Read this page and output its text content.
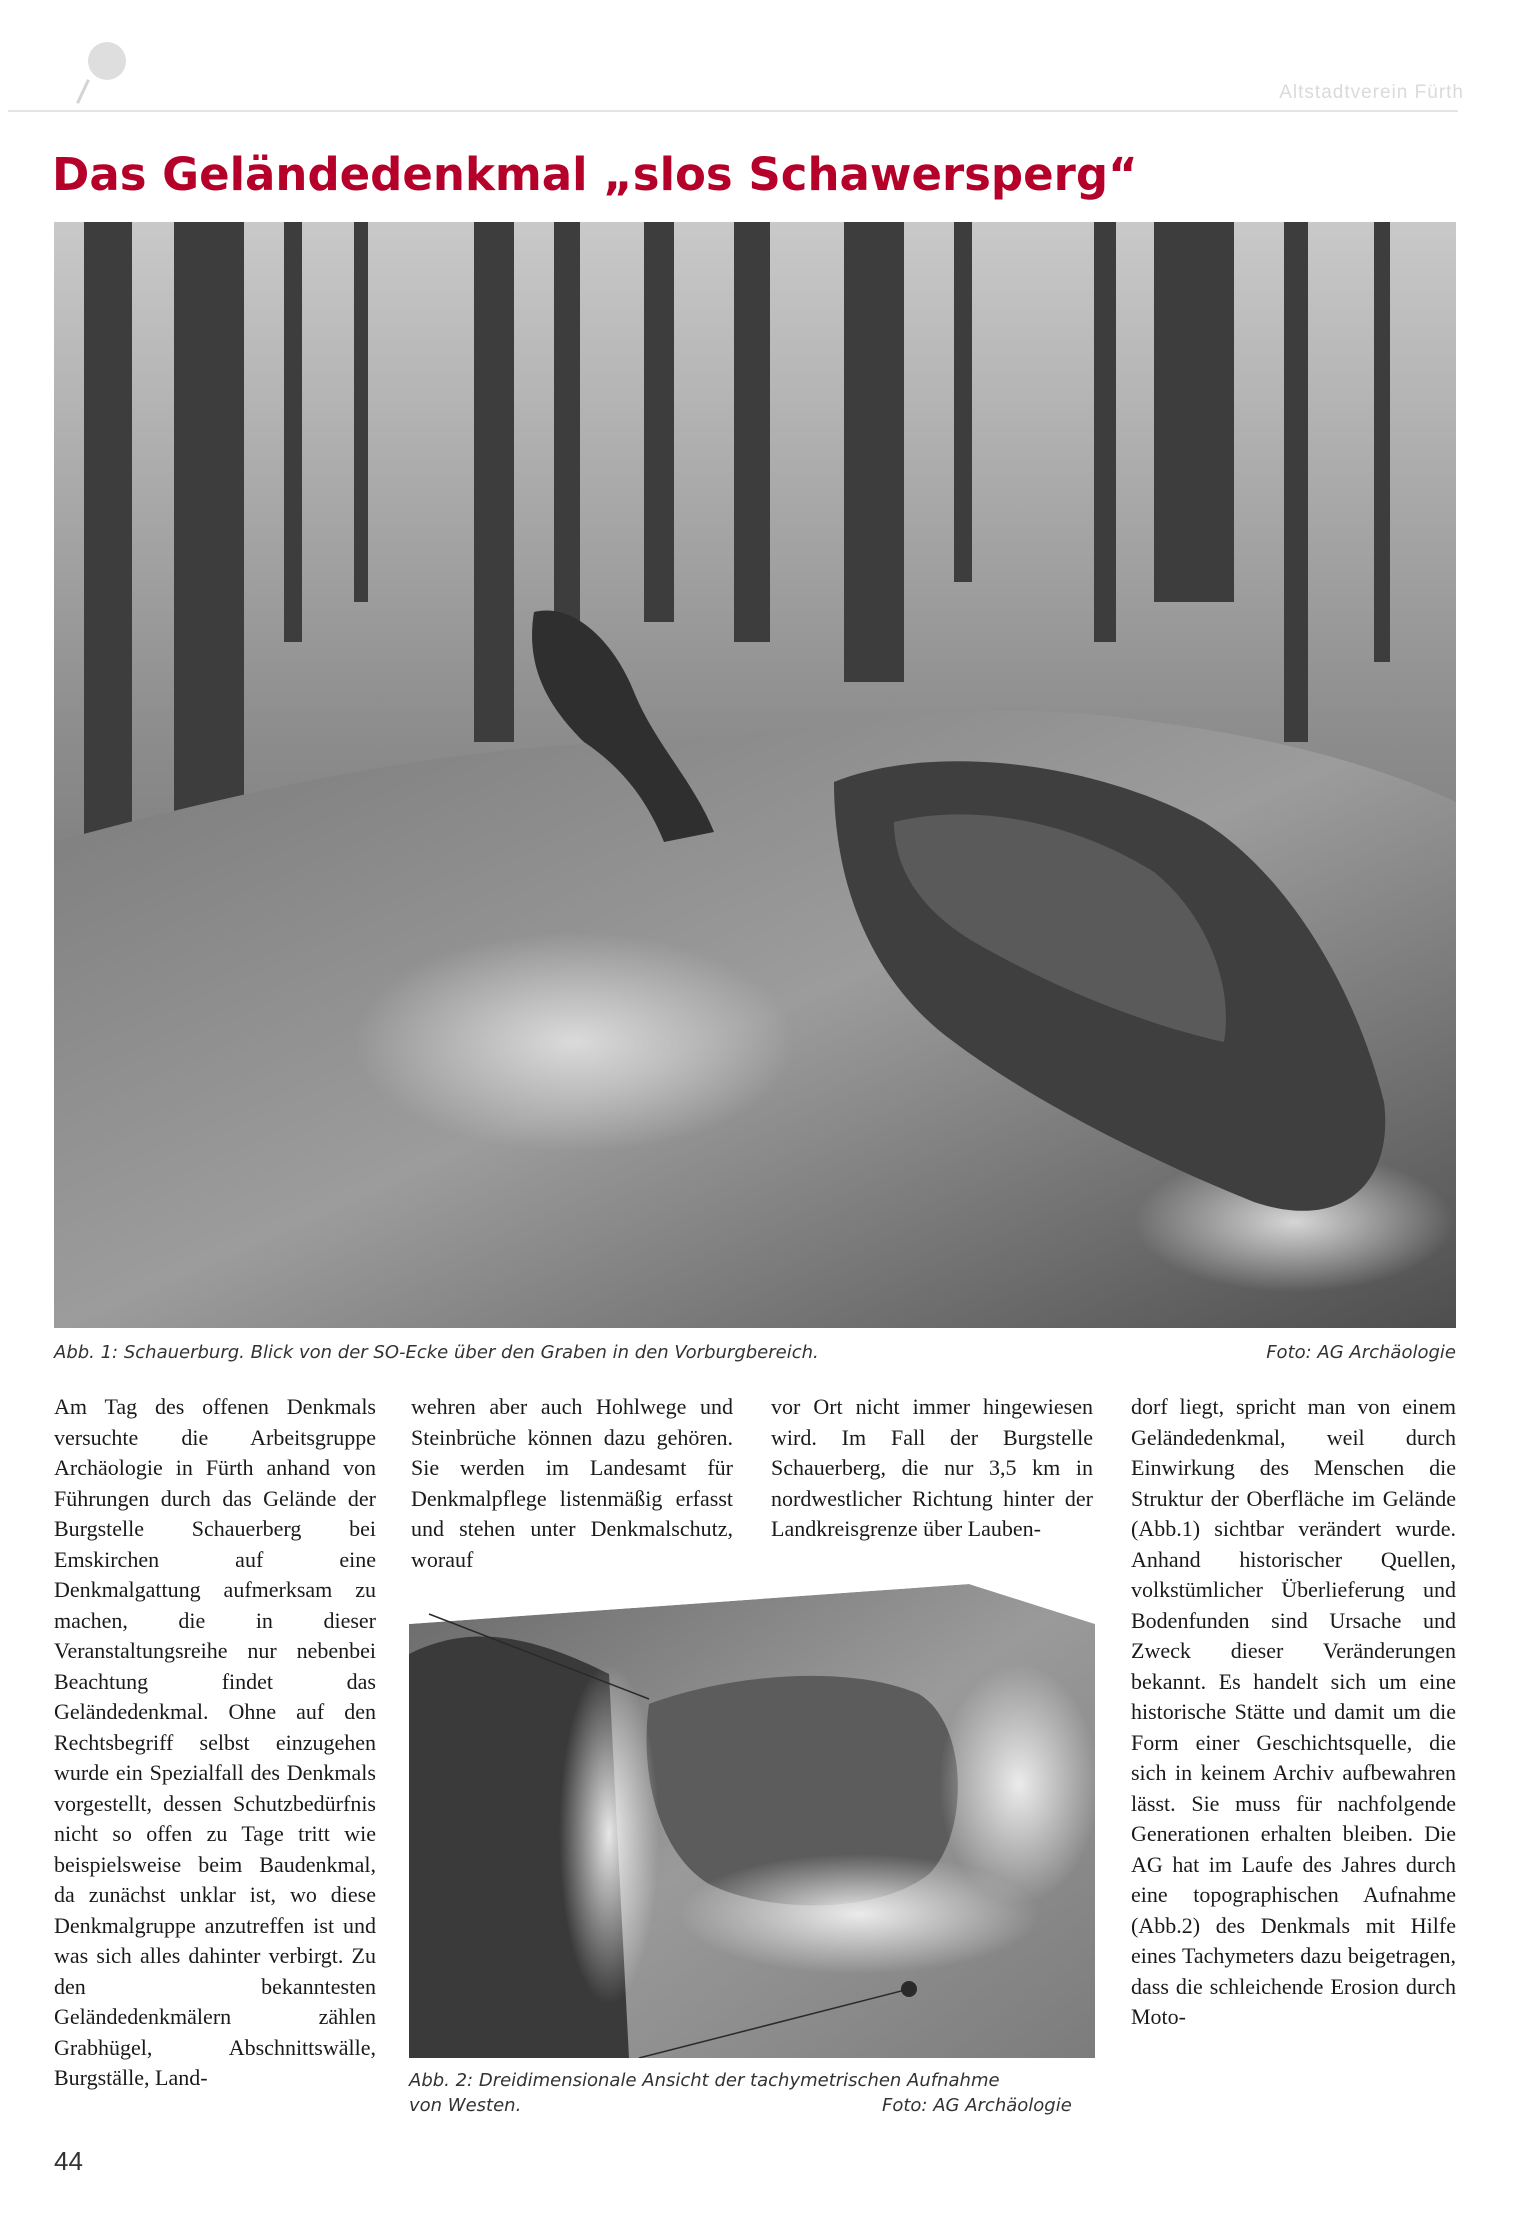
Altstadtverein Fürth
Das Geländedenkmal „slos Schawersperg“
Abb. 1: Schauerburg. Blick von der SO-Ecke über den Graben in den Vorburgbereich.	Foto: AG Archäologie

Am Tag des offenen Denkmals versuchte die Arbeitsgruppe Archäologie in Fürth anhand von Führungen durch das Gelände der Burgstelle Schauerberg bei Emskirchen auf eine Denkmalgattung aufmerksam zu machen, die in dieser Veranstaltungsreihe nur nebenbei Beachtung findet das Geländedenkmal. Ohne auf den Rechtsbegriff selbst einzugehen wurde ein Spezialfall des Denkmals vorgestellt, dessen Schutzbedürfnis nicht so offen zu Tage tritt wie beispielsweise beim Baudenkmal, da zunächst unklar ist, wo diese Denkmalgruppe anzutreffen ist und was sich alles dahinter verbirgt. Zu den bekanntesten Geländedenkmälern zählen Grabhügel, Abschnittswälle, Burgställe, Land-

wehren aber auch Hohlwege und Steinbrüche können dazu gehören. Sie werden im Landesamt für Denkmalpflege listenmäßig erfasst und stehen unter Denkmalschutz, worauf

vor Ort nicht immer hingewiesen wird. Im Fall der Burgstelle Schauerberg, die nur 3,5 km in nordwestlicher Richtung hinter der Landkreisgrenze über Lauben-

dorf liegt, spricht man von einem Geländedenkmal, weil durch Einwirkung des Menschen die Struktur der Oberfläche im Gelände (Abb.1) sichtbar verändert wurde. Anhand historischer Quellen, volkstümlicher Überlieferung und Bodenfunden sind Ursache und Zweck dieser Veränderungen bekannt. Es handelt sich um eine historische Stätte und damit um die Form einer Geschichtsquelle, die sich in keinem Archiv aufbewahren lässt. Sie muss für nachfolgende Generationen erhalten bleiben. Die AG hat im Laufe des Jahres durch eine topographischen Aufnahme (Abb.2) des Denkmals mit Hilfe eines Tachymeters dazu beigetragen, dass die schleichende Erosion durch Moto-

Abb. 2: Dreidimensionale Ansicht der tachymetrischen Aufnahme
von Westen.	Foto: AG Archäologie
44
